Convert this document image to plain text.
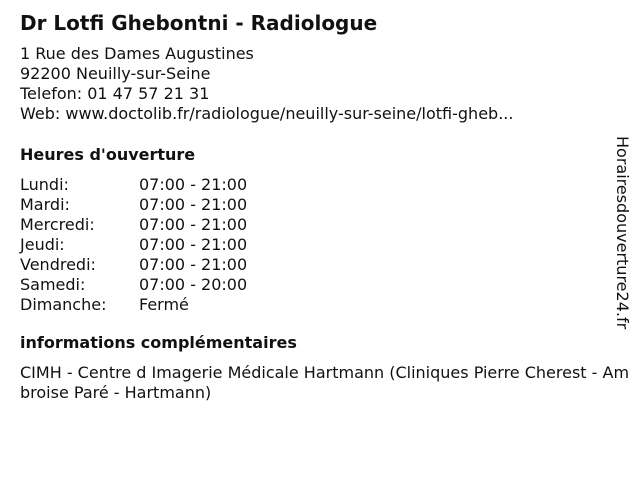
Dr Lotfi Ghebontni - Radiologue
1 Rue des Dames Augustines
92200 Neuilly-sur-Seine
Telefon: 01 47 57 21 31
Web: www.doctolib.fr/radiologue/neuilly-sur-seine/lotfi-gheb...
Heures d'ouverture
Lundi:	07:00 - 21:00
Mardi:	07:00 - 21:00
Mercredi:	07:00 - 21:00
Jeudi:	07:00 - 21:00
Vendredi:	07:00 - 21:00
Samedi:	07:00 - 20:00
Dimanche:	Fermé
informations complémentaires
CIMH - Centre d Imagerie Médicale Hartmann (Cliniques Pierre Cherest - Ambroise Paré - Hartmann)
Horairesdouverture24.fr
